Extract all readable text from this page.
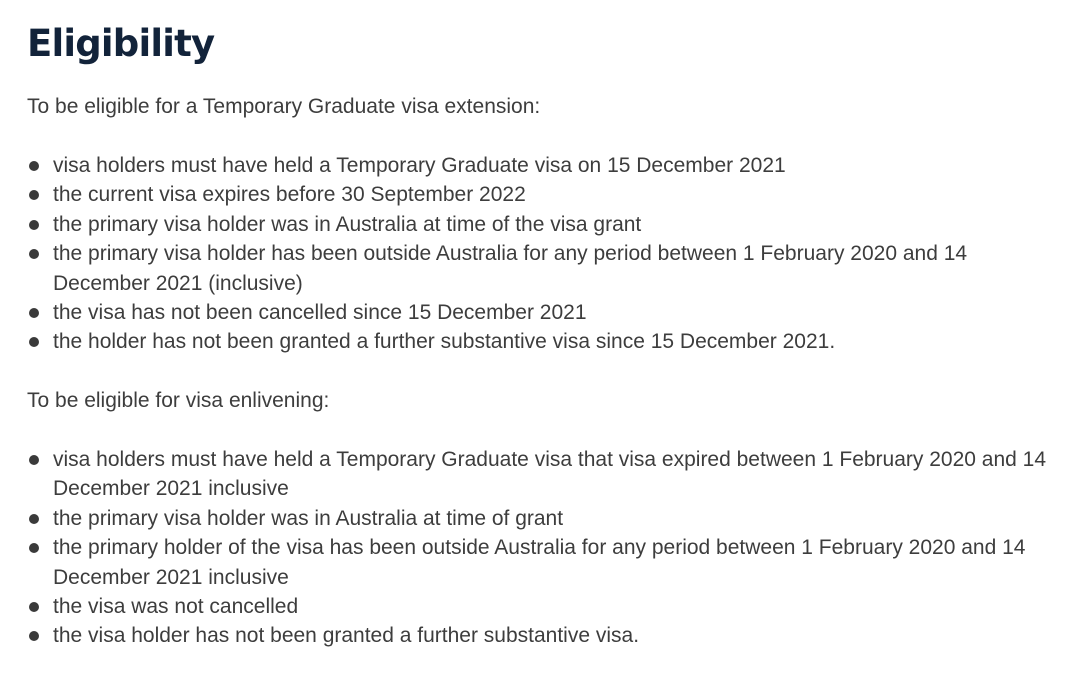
Eligibility

To be eligible for a Temporary Graduate visa extension:

visa holders must have held a Temporary Graduate visa on 15 December 2021
the current visa expires before 30 September 2022
the primary visa holder was in Australia at time of the visa grant
the primary visa holder has been outside Australia for any period between 1 February 2020 and 14 December 2021 (inclusive)
the visa has not been cancelled since 15 December 2021
the holder has not been granted a further substantive visa since 15 December 2021.

To be eligible for visa enlivening:

visa holders must have held a Temporary Graduate visa that visa expired between 1 February 2020 and 14 December 2021 inclusive
the primary visa holder was in Australia at time of grant
the primary holder of the visa has been outside Australia for any period between 1 February 2020 and 14 December 2021 inclusive
the visa was not cancelled
the visa holder has not been granted a further substantive visa.
